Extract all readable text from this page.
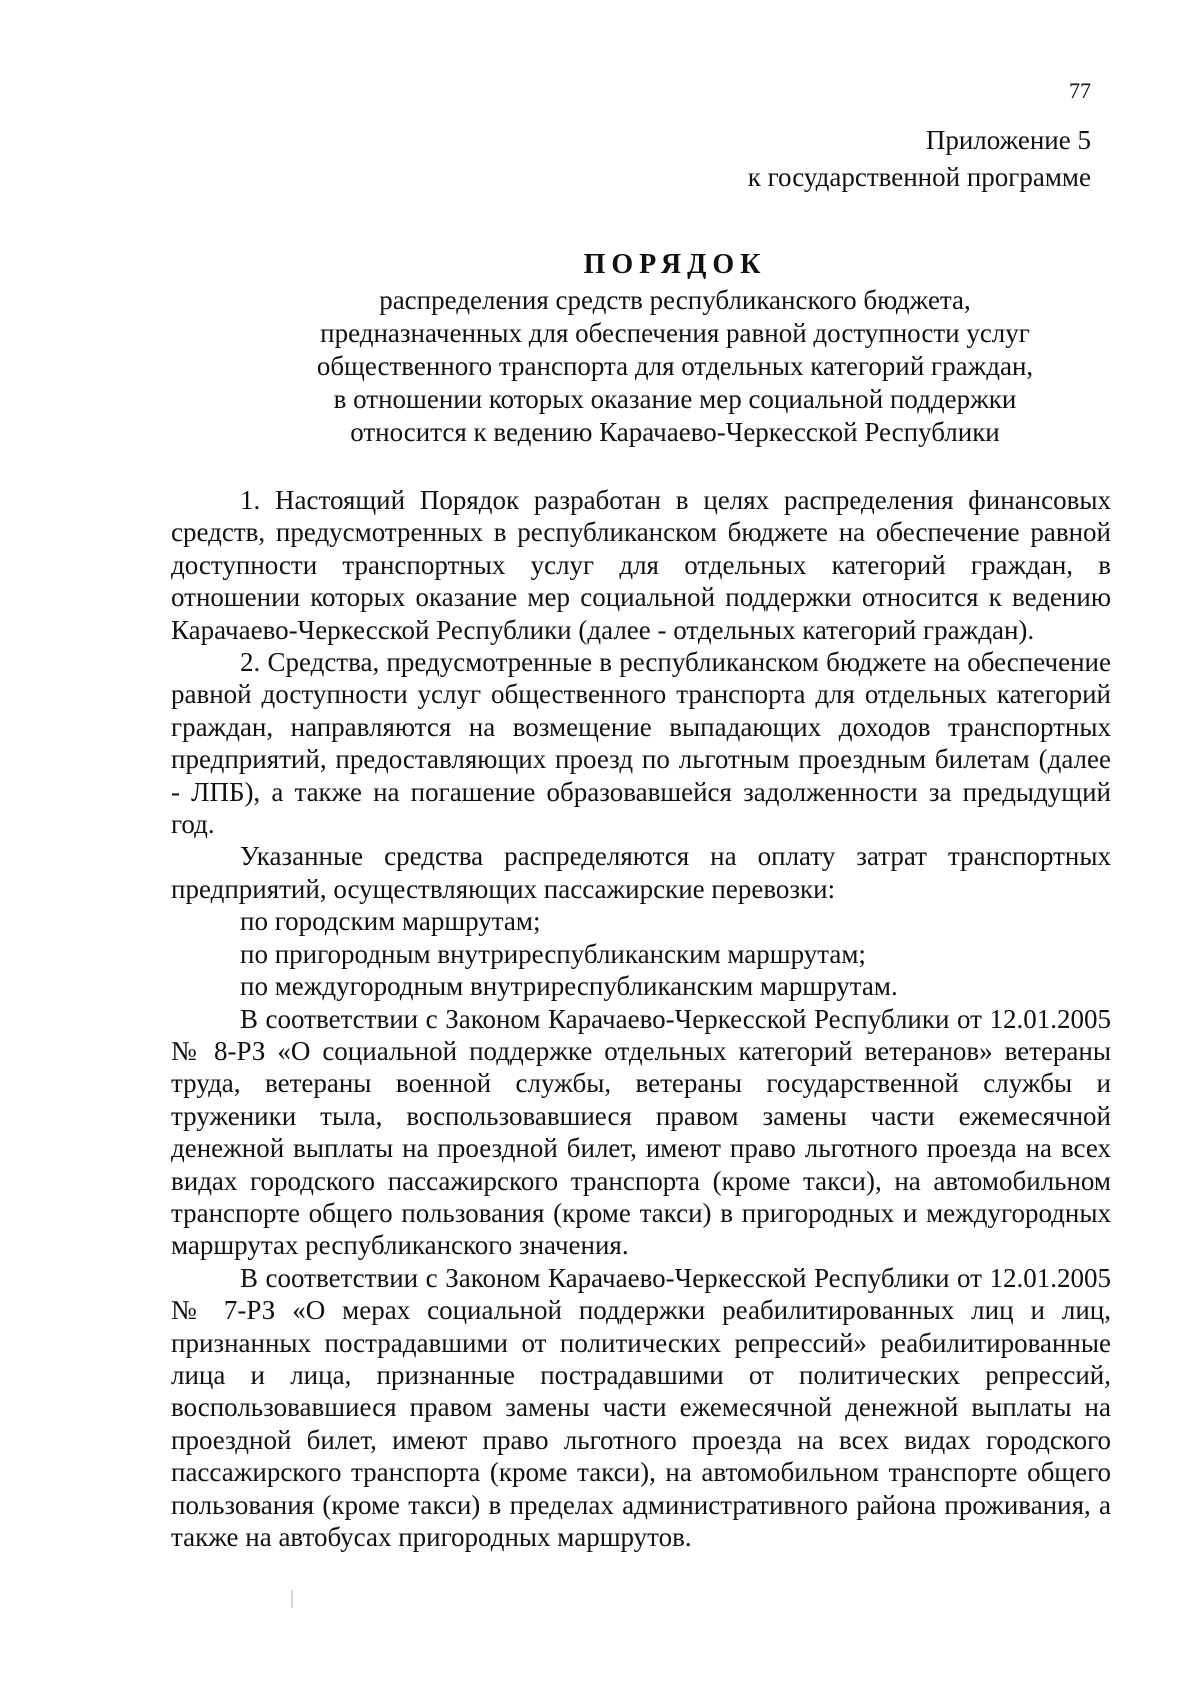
77
Приложение 5
к государственной программе
ПОРЯДОК
распределения средств республиканского бюджета,
предназначенных для обеспечения равной доступности услуг
общественного транспорта для отдельных категорий граждан,
в отношении которых оказание мер социальной поддержки
относится к ведению Карачаево-Черкесской Республики

1. Настоящий Порядок разработан в целях распределения финансовых средств, предусмотренных в республиканском бюджете на обеспечение равной доступности транспортных услуг для отдельных категорий граждан, в отношении которых оказание мер социальной поддержки относится к ведению Карачаево-Черкесской Республики (далее - отдельных категорий граждан).

2. Средства, предусмотренные в республиканском бюджете на обеспечение равной доступности услуг общественного транспорта для отдельных категорий граждан, направляются на возмещение выпадающих доходов транспортных предприятий, предоставляющих проезд по льготным проездным билетам (далее - ЛПБ), а также на погашение образовавшейся задолженности за предыдущий год.

Указанные средства распределяются на оплату затрат транспортных предприятий, осуществляющих пассажирские перевозки:

по городским маршрутам;

по пригородным внутриреспубликанским маршрутам;

по междугородным внутриреспубликанским маршрутам.

В соответствии с Законом Карачаево-Черкесской Республики от 12.01.2005 № 8-РЗ «О социальной поддержке отдельных категорий ветеранов» ветераны труда, ветераны военной службы, ветераны государственной службы и труженики тыла, воспользовавшиеся правом замены части ежемесячной денежной выплаты на проездной билет, имеют право льготного проезда на всех видах городского пассажирского транспорта (кроме такси), на автомобильном транспорте общего пользования (кроме такси) в пригородных и междугородных маршрутах республиканского значения.

В соответствии с Законом Карачаево-Черкесской Республики от 12.01.2005 № 7-РЗ «О мерах социальной поддержки реабилитированных лиц и лиц, признанных пострадавшими от политических репрессий» реабилитированные лица и лица, признанные пострадавшими от политических репрессий, воспользовавшиеся правом замены части ежемесячной денежной выплаты на проездной билет, имеют право льготного проезда на всех видах городского пассажирского транспорта (кроме такси), на автомобильном транспорте общего пользования (кроме такси) в пределах административного района проживания, а также на автобусах пригородных маршрутов.
